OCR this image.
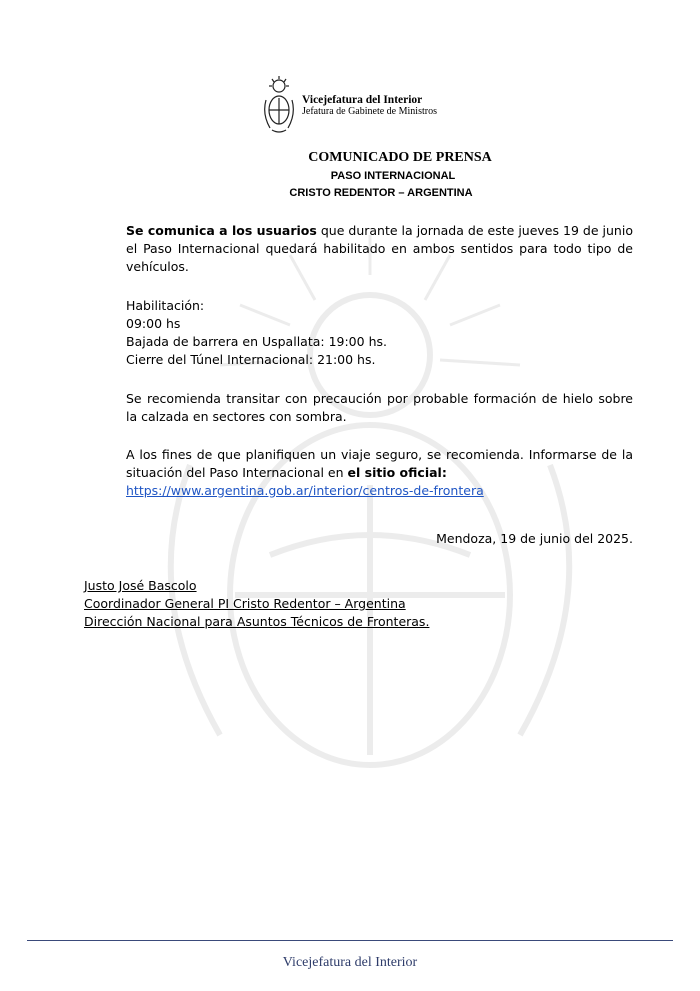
Vicejefatura del Interior
Jefatura de Gabinete de Ministros
COMUNICADO DE PRENSA
PASO INTERNACIONAL
CRISTO REDENTOR – ARGENTINA
Se comunica a los usuarios que durante la jornada de este jueves 19 de junio el Paso Internacional quedará habilitado en ambos sentidos para todo tipo de vehículos.
Habilitación:
09:00 hs
Bajada de barrera en Uspallata: 19:00 hs.
Cierre del Túnel Internacional: 21:00 hs.
Se recomienda transitar con precaución por probable formación de hielo sobre la calzada en sectores con sombra.
A los fines de que planifiquen un viaje seguro, se recomienda. Informarse de la situación del Paso Internacional en el sitio oficial:
https://www.argentina.gob.ar/interior/centros-de-frontera
Mendoza, 19 de junio del 2025.
Justo José Bascolo
Coordinador General PI Cristo Redentor – Argentina
Dirección Nacional para Asuntos Técnicos de Fronteras.
Vicejefatura del Interior
